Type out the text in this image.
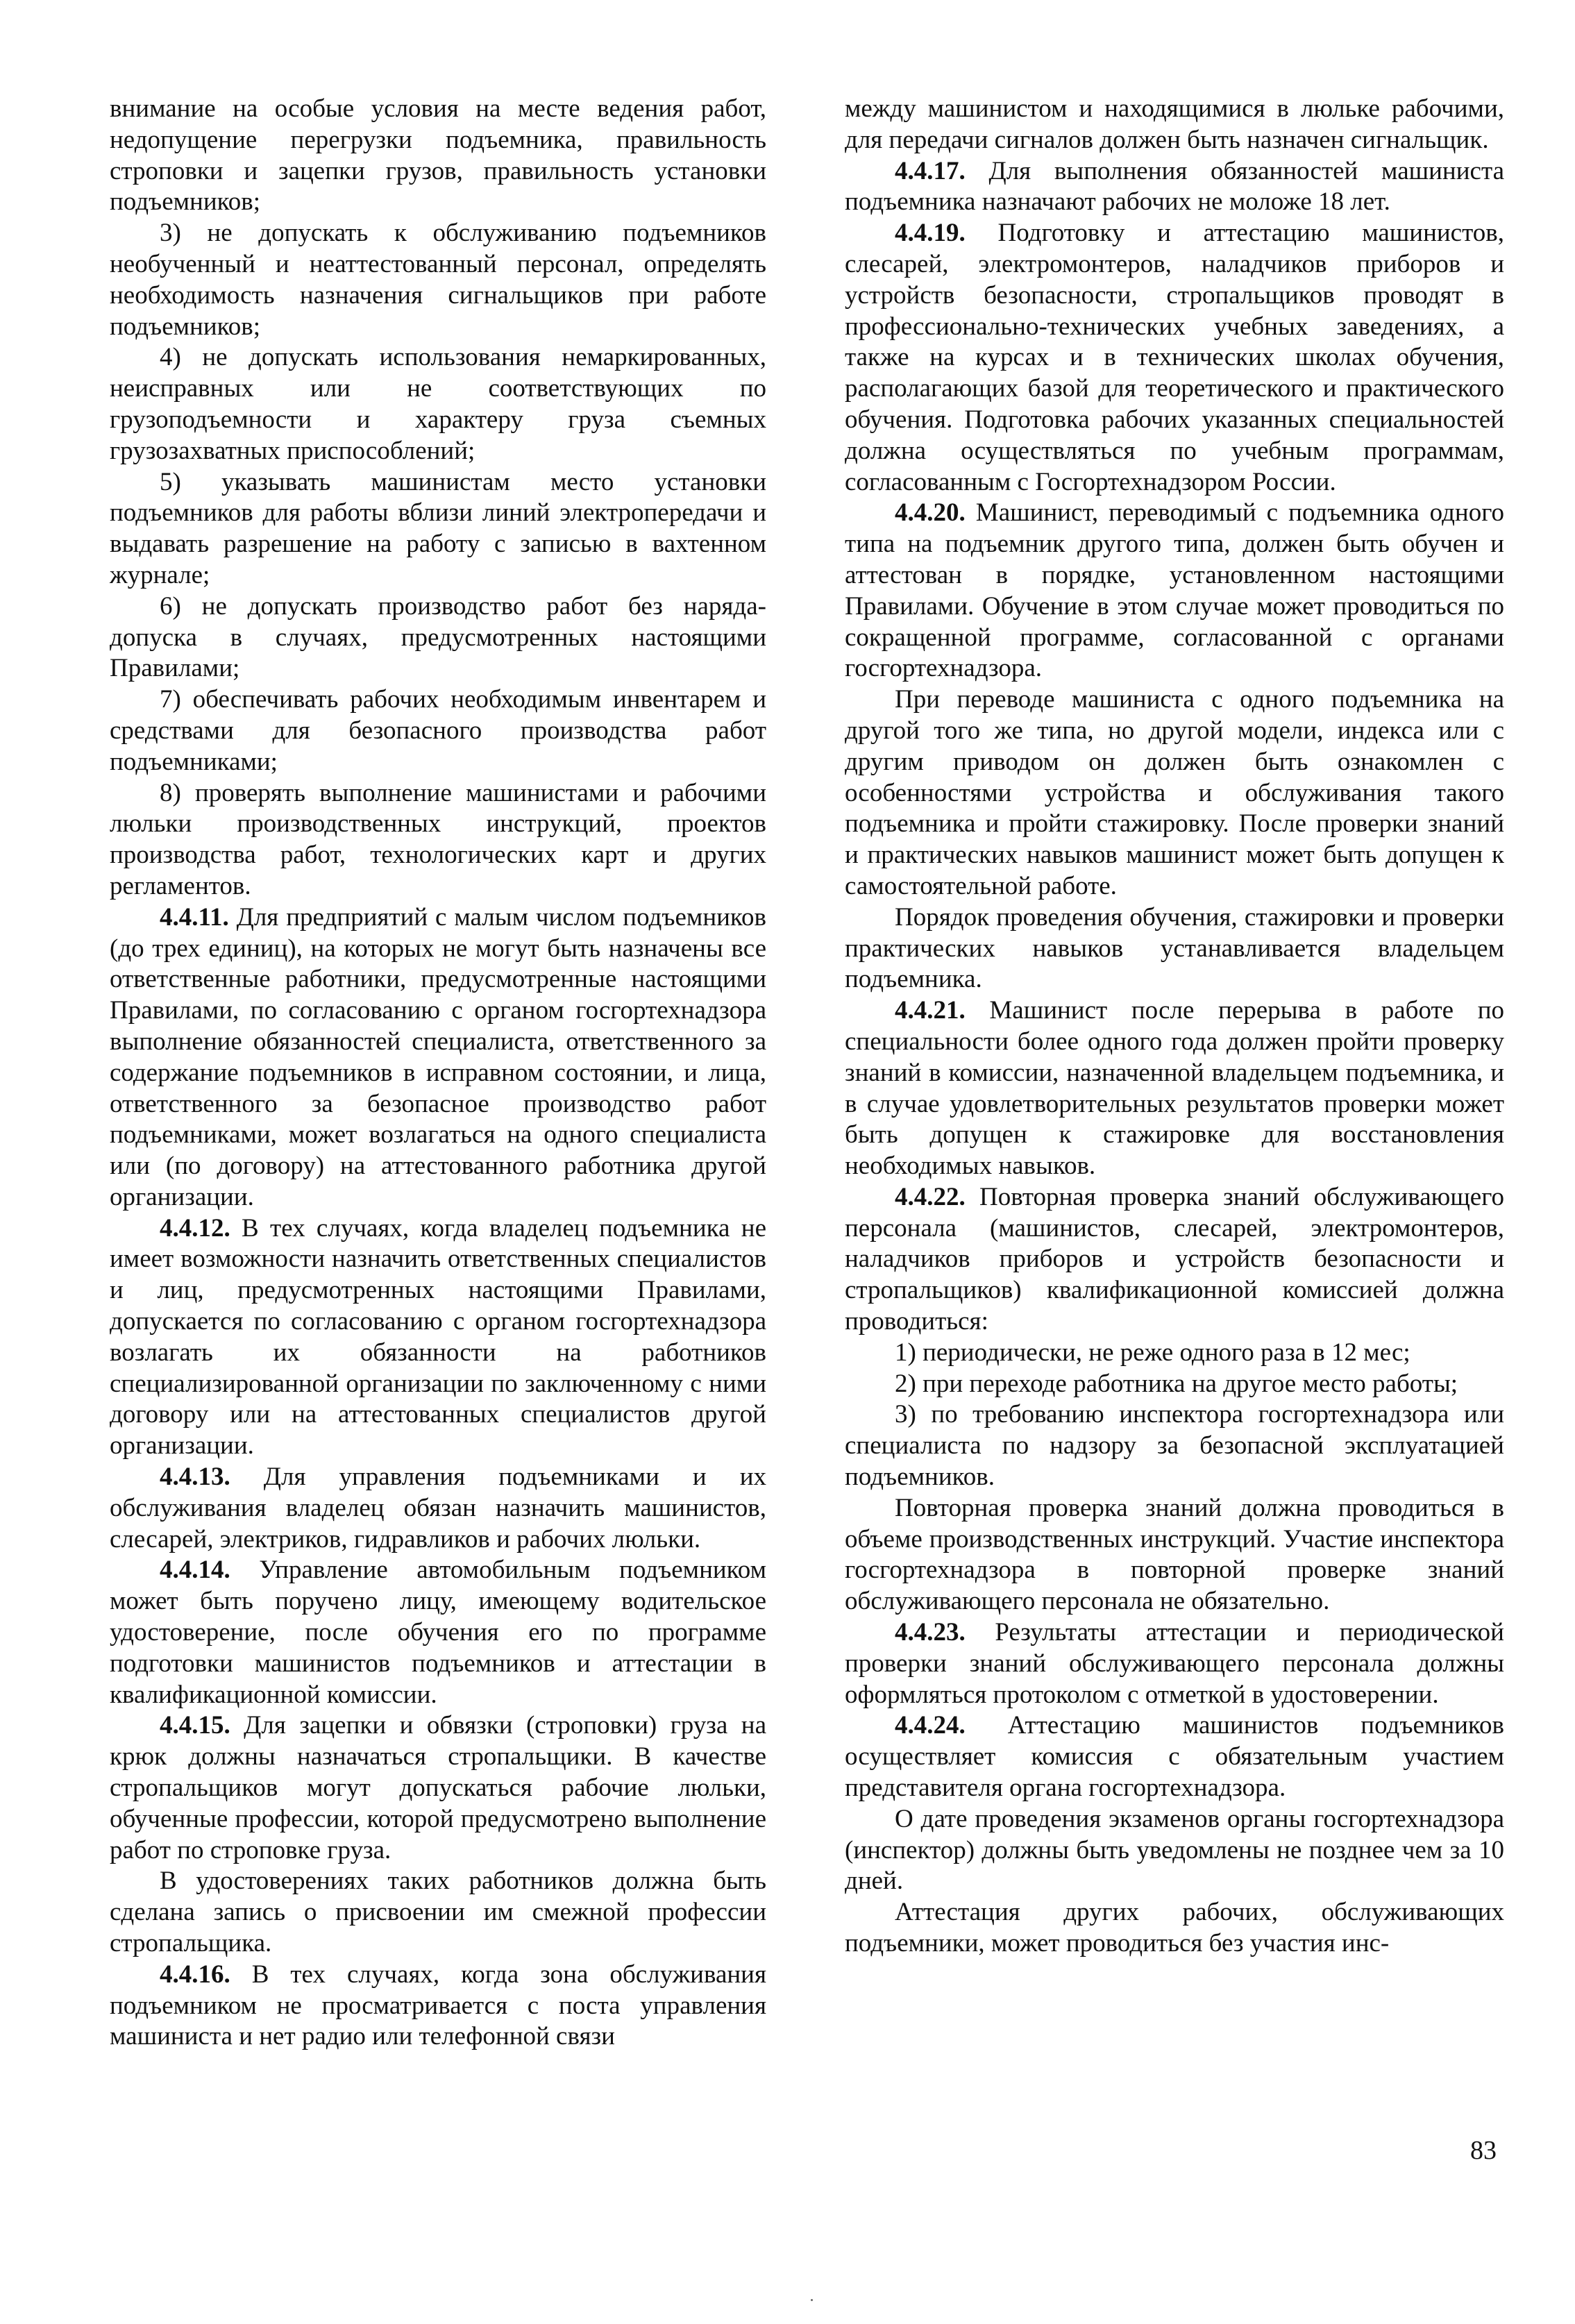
внимание на особые условия на месте ведения работ, недопущение перегрузки подъемника, правильность строповки и зацепки грузов, правильность установки подъемников;

3) не допускать к обслуживанию подъемников необученный и неаттестованный персонал, определять необходимость назначения сигнальщиков при работе подъемников;

4) не допускать использования немаркированных, неисправных или не соответствующих по грузоподъемности и характеру груза съемных грузозахватных приспособлений;

5) указывать машинистам место установки подъемников для работы вблизи линий электропередачи и выдавать разрешение на работу с записью в вахтенном журнале;

6) не допускать производство работ без наряда-допуска в случаях, предусмотренных настоящими Правилами;

7) обеспечивать рабочих необходимым инвентарем и средствами для безопасного производства работ подъемниками;

8) проверять выполнение машинистами и рабочими люльки производственных инструкций, проектов производства работ, технологических карт и других регламентов.

4.4.11. Для предприятий с малым числом подъемников (до трех единиц), на которых не могут быть назначены все ответственные работники, предусмотренные настоящими Правилами, по согласованию с органом госгортехнадзора выполнение обязанностей специалиста, ответственного за содержание подъемников в исправном состоянии, и лица, ответственного за безопасное производство работ подъемниками, может возлагаться на одного специалиста или (по договору) на аттестованного работника другой организации.

4.4.12. В тех случаях, когда владелец подъемника не имеет возможности назначить ответственных специалистов и лиц, предусмотренных настоящими Правилами, допускается по согласованию с органом госгортехнадзора возлагать их обязанности на работников специализированной организации по заключенному с ними договору или на аттестованных специалистов другой организации.

4.4.13. Для управления подъемниками и их обслуживания владелец обязан назначить машинистов, слесарей, электриков, гидравликов и рабочих люльки.

4.4.14. Управление автомобильным подъемником может быть поручено лицу, имеющему водительское удостоверение, после обучения его по программе подготовки машинистов подъемников и аттестации в квалификационной комиссии.

4.4.15. Для зацепки и обвязки (строповки) груза на крюк должны назначаться стропальщики. В качестве стропальщиков могут допускаться рабочие люльки, обученные профессии, которой предусмотрено выполнение работ по строповке груза.

В удостоверениях таких работников должна быть сделана запись о присвоении им смежной профессии стропальщика.

4.4.16. В тех случаях, когда зона обслуживания подъемником не просматривается с поста управления машиниста и нет радио или телефонной связи

между машинистом и находящимися в люльке рабочими, для передачи сигналов должен быть назначен сигнальщик.

4.4.17. Для выполнения обязанностей машиниста подъемника назначают рабочих не моложе 18 лет.

4.4.19. Подготовку и аттестацию машинистов, слесарей, электромонтеров, наладчиков приборов и устройств безопасности, стропальщиков проводят в профессионально-технических учебных заведениях, а также на курсах и в технических школах обучения, располагающих базой для теоретического и практического обучения. Подготовка рабочих указанных специальностей должна осуществляться по учебным программам, согласованным с Госгортехнадзором России.

4.4.20. Машинист, переводимый с подъемника одного типа на подъемник другого типа, должен быть обучен и аттестован в порядке, установленном настоящими Правилами. Обучение в этом случае может проводиться по сокращенной программе, согласованной с органами госгортехнадзора.

При переводе машиниста с одного подъемника на другой того же типа, но другой модели, индекса или с другим приводом он должен быть ознакомлен с особенностями устройства и обслуживания такого подъемника и пройти стажировку. После проверки знаний и практических навыков машинист может быть допущен к самостоятельной работе.

Порядок проведения обучения, стажировки и проверки практических навыков устанавливается владельцем подъемника.

4.4.21. Машинист после перерыва в работе по специальности более одного года должен пройти проверку знаний в комиссии, назначенной владельцем подъемника, и в случае удовлетворительных результатов проверки может быть допущен к стажировке для восстановления необходимых навыков.

4.4.22. Повторная проверка знаний обслуживающего персонала (машинистов, слесарей, электромонтеров, наладчиков приборов и устройств безопасности и стропальщиков) квалификационной комиссией должна проводиться:

1) периодически, не реже одного раза в 12 мес;

2) при переходе работника на другое место работы;

3) по требованию инспектора госгортехнадзора или специалиста по надзору за безопасной эксплуатацией подъемников.

Повторная проверка знаний должна проводиться в объеме производственных инструкций. Участие инспектора госгортехнадзора в повторной проверке знаний обслуживающего персонала не обязательно.

4.4.23. Результаты аттестации и периодической проверки знаний обслуживающего персонала должны оформляться протоколом с отметкой в удостоверении.

4.4.24. Аттестацию машинистов подъемников осуществляет комиссия с обязательным участием представителя органа госгортехнадзора.

О дате проведения экзаменов органы госгортехнадзора (инспектор) должны быть уведомлены не позднее чем за 10 дней.

Аттестация других рабочих, обслуживающих подъемники, может проводиться без участия инс-

83
